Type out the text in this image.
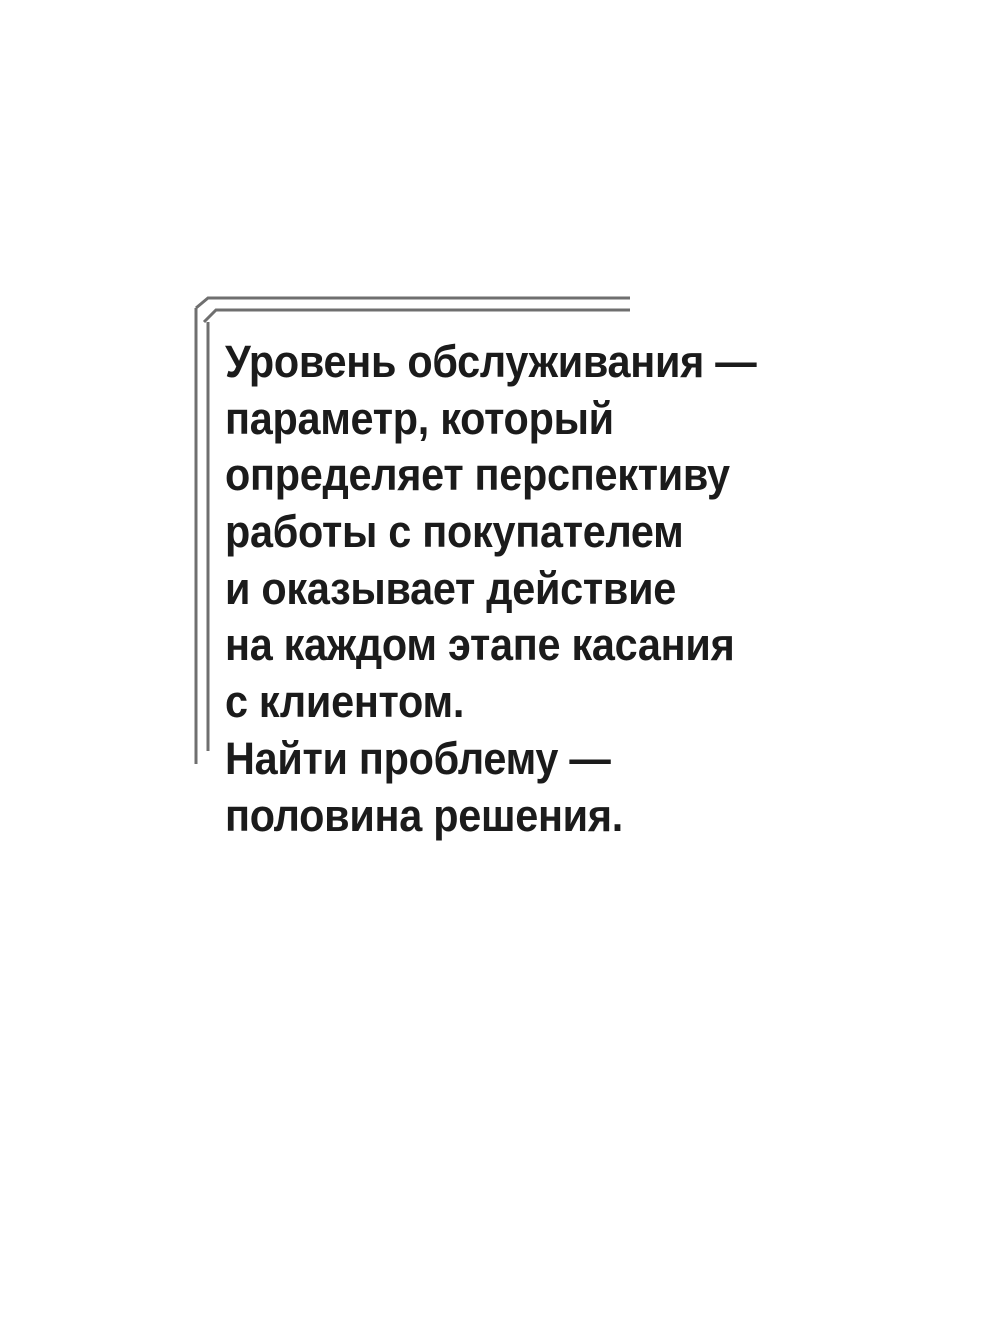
Уровень обслуживания —
параметр, который
определяет перспективу
работы с покупателем
и оказывает действие
на каждом этапе касания
с клиентом.
Найти проблему —
половина решения.
